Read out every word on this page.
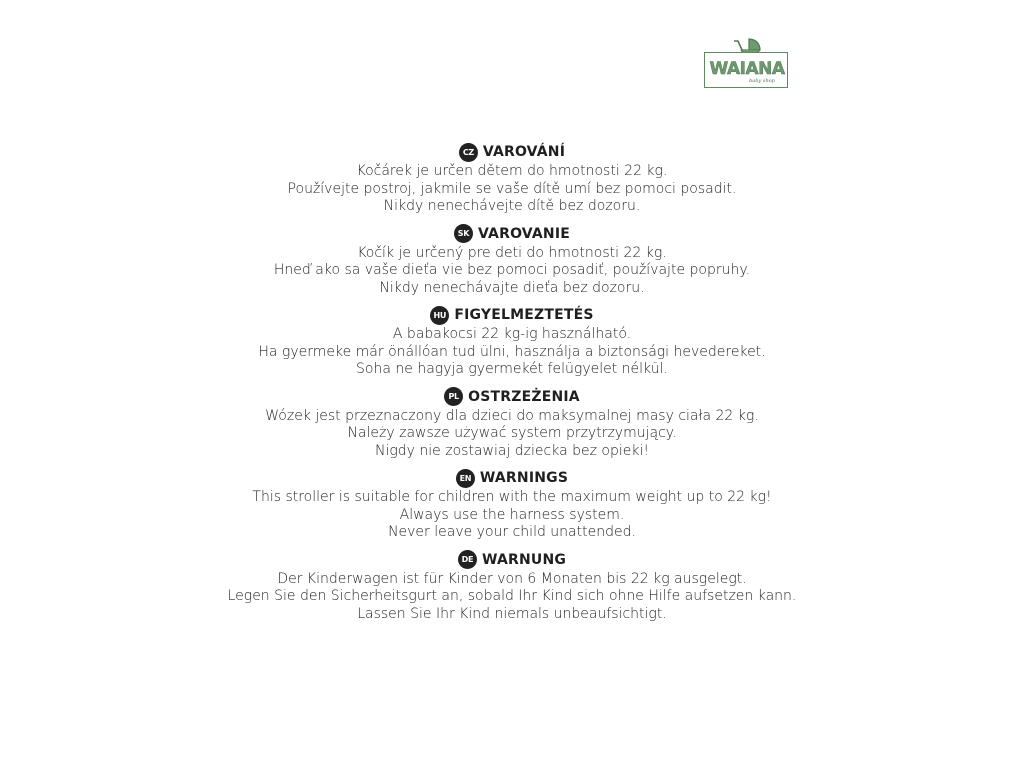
WAIANA
baby shop
CZ VAROVÁNÍ
Kočárek je určen dětem do hmotnosti 22 kg.
Používejte postroj, jakmile se vaše dítě umí bez pomoci posadit.
Nikdy nenechávejte dítě bez dozoru.
SK VAROVANIE
Kočík je určený pre deti do hmotnosti 22 kg.
Hneď ako sa vaše dieťa vie bez pomoci posadiť, používajte popruhy.
Nikdy nenechávajte dieťa bez dozoru.
HU FIGYELMEZTETÉS
A babakocsi 22 kg-ig használható.
Ha gyermeke már önállóan tud ülni, használja a biztonsági hevedereket.
Soha ne hagyja gyermekét felügyelet nélkül.
PL OSTRZEŻENIA
Wózek jest przeznaczony dla dzieci do maksymalnej masy ciała 22 kg.
Należy zawsze używać system przytrzymujący.
Nigdy nie zostawiaj dziecka bez opieki!
EN WARNINGS
This stroller is suitable for children with the maximum weight up to 22 kg!
Always use the harness system.
Never leave your child unattended.
DE WARNUNG
Der Kinderwagen ist für Kinder von 6 Monaten bis 22 kg ausgelegt.
Legen Sie den Sicherheitsgurt an, sobald Ihr Kind sich ohne Hilfe aufsetzen kann.
Lassen Sie Ihr Kind niemals unbeaufsichtigt.
